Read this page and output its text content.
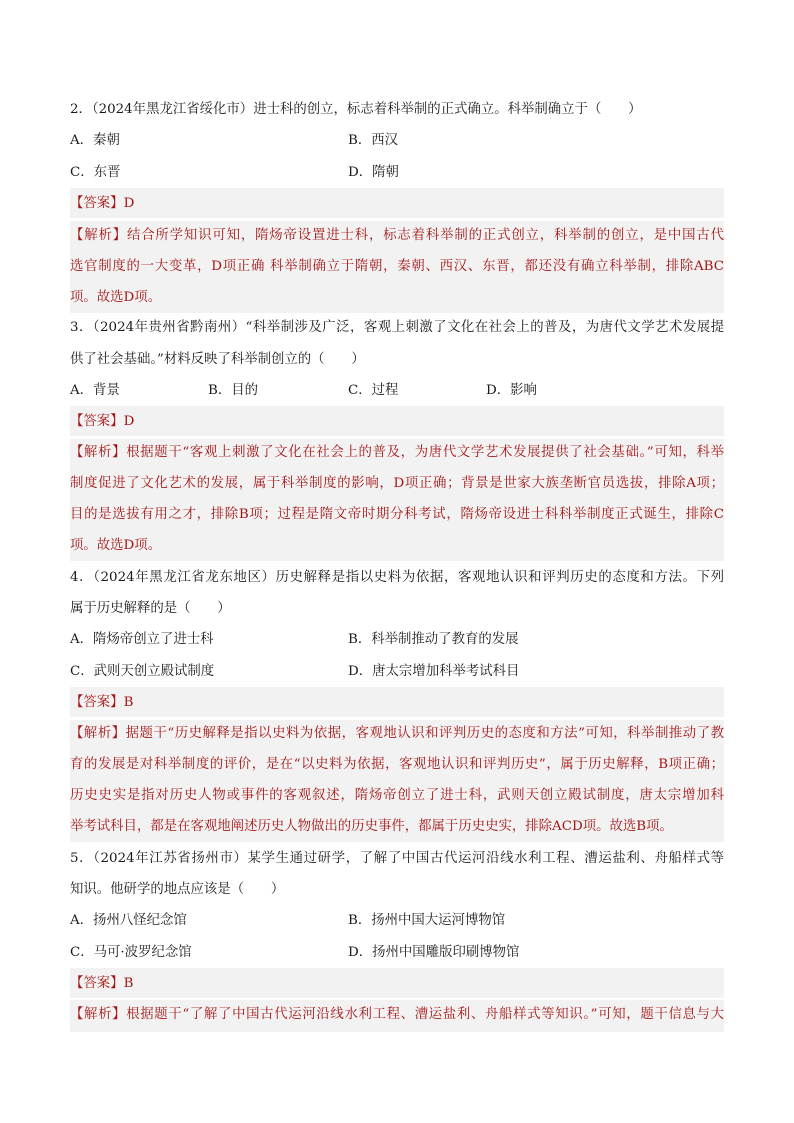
2．（2024年黑龙江省绥化市）进士科的创立，标志着科举制的正式确立。科举制确立于（　　）
A．秦朝	B．西汉
C．东晋	D．隋朝
【答案】D
【解析】结合所学知识可知，隋炀帝设置进士科，标志着科举制的正式创立，科举制的创立，是中国古代
选官制度的一大变革，D项正确 科举制确立于隋朝，秦朝、西汉、东晋，都还没有确立科举制，排除ABC
项。故选D项。
3．（2024年贵州省黔南州）“科举制涉及广泛，客观上刺激了文化在社会上的普及，为唐代文学艺术发展提
供了社会基础。”材料反映了科举制创立的（　　）
A．背景	B．目的	C．过程	D．影响
【答案】D
【解析】根据题干“客观上刺激了文化在社会上的普及，为唐代文学艺术发展提供了社会基础。”可知，科举
制度促进了文化艺术的发展，属于科举制度的影响，D项正确；背景是世家大族垄断官员选拔，排除A项；
目的是选拔有用之才，排除B项；过程是隋文帝时期分科考试，隋炀帝设进士科科举制度正式诞生，排除C
项。故选D项。
4．（2024年黑龙江省龙东地区）历史解释是指以史料为依据，客观地认识和评判历史的态度和方法。下列
属于历史解释的是（　　）
A．隋炀帝创立了进士科	B．科举制推动了教育的发展
C．武则天创立殿试制度	D．唐太宗增加科举考试科目
【答案】B
【解析】据题干“历史解释是指以史料为依据，客观地认识和评判历史的态度和方法”可知，科举制推动了教
育的发展是对科举制度的评价，是在“以史料为依据，客观地认识和评判历史”，属于历史解释，B项正确；
历史史实是指对历史人物或事件的客观叙述，隋炀帝创立了进士科，武则天创立殿试制度，唐太宗增加科
举考试科目，都是在客观地阐述历史人物做出的历史事件，都属于历史史实，排除ACD项。故选B项。
5．（2024年江苏省扬州市）某学生通过研学，了解了中国古代运河沿线水利工程、漕运盐利、舟船样式等
知识。他研学的地点应该是（　　）
A．扬州八怪纪念馆	B．扬州中国大运河博物馆
C．马可·波罗纪念馆	D．扬州中国雕版印刷博物馆
【答案】B
【解析】根据题干“了解了中国古代运河沿线水利工程、漕运盐利、舟船样式等知识。”可知，题干信息与大
